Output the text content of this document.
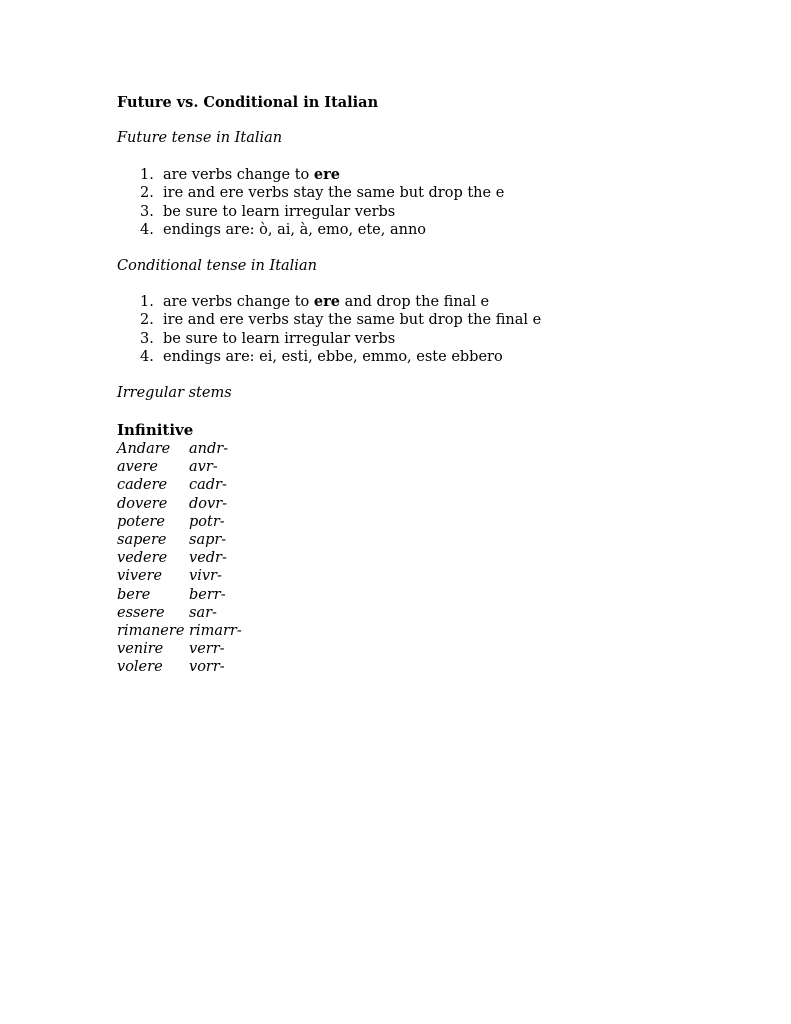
Future vs. Conditional in Italian
Future tense in Italian
1. are verbs change to ere
2. ire and ere verbs stay the same but drop the e
3. be sure to learn irregular verbs
4. endings are: ò, ai, à, emo, ete, anno
Conditional tense in Italian
1. are verbs change to ere and drop the final e
2. ire and ere verbs stay the same but drop the final e
3. be sure to learn irregular verbs
4. endings are: ei, esti, ebbe, emmo, este ebbero
Irregular stems
Infinitive
Andare andr-
avere avr-
cadere cadr-
dovere dovr-
potere potr-
sapere sapr-
vedere vedr-
vivere vivr-
bere	berr-
essere sar-
rimanere rimarr-
venire verr-
volere vorr-
